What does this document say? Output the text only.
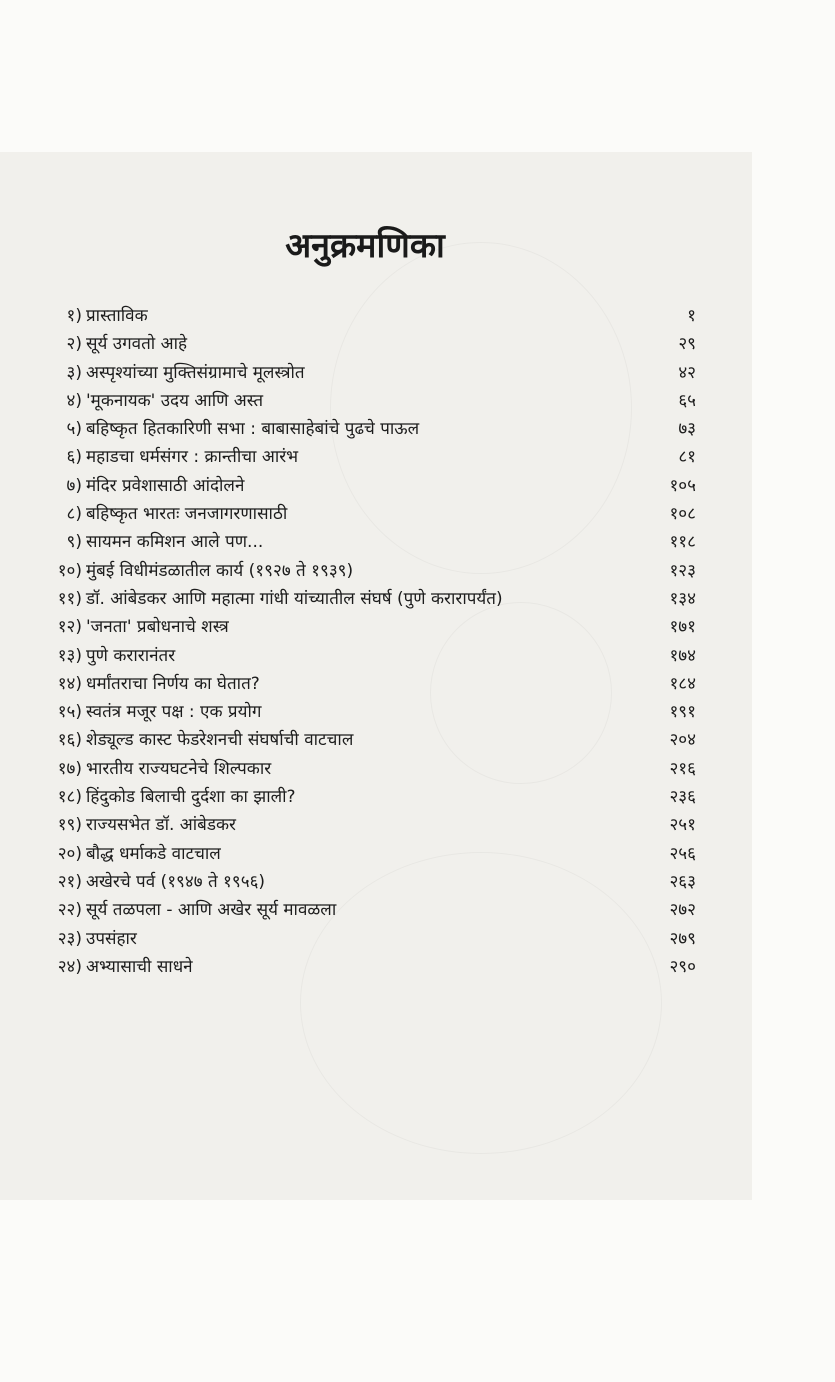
अनुक्रमणिका
१) प्रास्ताविक	१
२) सूर्य उगवतो आहे	२९
३) अस्पृश्यांच्या मुक्तिसंग्रामाचे मूलस्त्रोत	४२
४) 'मूकनायक' उदय आणि अस्त	६५
५) बहिष्कृत हितकारिणी सभा : बाबासाहेबांचे पुढचे पाऊल	७३
६) महाडचा धर्मसंगर : क्रान्तीचा आरंभ	८१
७) मंदिर प्रवेशासाठी आंदोलने	१०५
८) बहिष्कृत भारतः जनजागरणासाठी	१०८
९) सायमन कमिशन आले पण...	११८
१०) मुंबई विधीमंडळातील कार्य (१९२७ ते १९३९)	१२३
११) डॉ. आंबेडकर आणि महात्मा गांधी यांच्यातील संघर्ष (पुणे करारापर्यंत)	१३४
१२) 'जनता' प्रबोधनाचे शस्त्र	१७१
१३) पुणे करारानंतर	१७४
१४) धर्मांतराचा निर्णय का घेतात?	१८४
१५) स्वतंत्र मजूर पक्ष : एक प्रयोग	१९१
१६) शेड्यूल्ड कास्ट फेडरेशनची संघर्षाची वाटचाल	२०४
१७) भारतीय राज्यघटनेचे शिल्पकार	२१६
१८) हिंदुकोड बिलाची दुर्दशा का झाली?	२३६
१९) राज्यसभेत डॉ. आंबेडकर	२५१
२०) बौद्ध धर्माकडे वाटचाल	२५६
२१) अखेरचे पर्व (१९४७ ते १९५६)	२६३
२२) सूर्य तळपला - आणि अखेर सूर्य मावळला	२७२
२३) उपसंहार	२७९
२४) अभ्यासाची साधने	२९०
